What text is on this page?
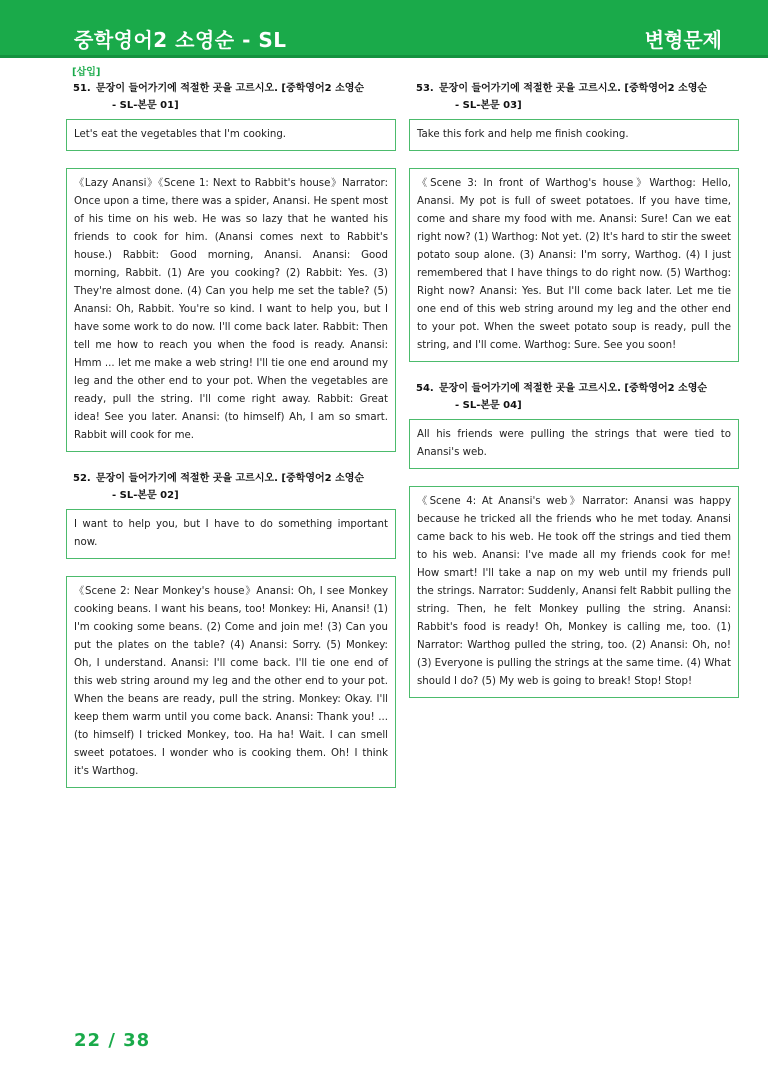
중학영어2 소영순 - SL	변형문제
[삽입]
51. 문장이 들어가기에 적절한 곳을 고르시오. [중학영어2 소영순
- SL-본문 01]
Let's eat the vegetables that I'm cooking.
《Lazy Anansi》《Scene 1: Next to Rabbit's house》Narrator: Once upon a time, there was a spider, Anansi. He spent most of his time on his web. He was so lazy that he wanted his friends to cook for him. (Anansi comes next to Rabbit's house.) Rabbit: Good morning, Anansi. Anansi: Good morning, Rabbit. (1) Are you cooking? (2) Rabbit: Yes. (3) They're almost done. (4) Can you help me set the table? (5) Anansi: Oh, Rabbit. You're so kind. I want to help you, but I have some work to do now. I'll come back later. Rabbit: Then tell me how to reach you when the food is ready. Anansi: Hmm ... let me make a web string! I'll tie one end around my leg and the other end to your pot. When the vegetables are ready, pull the string. I'll come right away. Rabbit: Great idea! See you later. Anansi: (to himself) Ah, I am so smart. Rabbit will cook for me.
52. 문장이 들어가기에 적절한 곳을 고르시오. [중학영어2 소영순
- SL-본문 02]
I want to help you, but I have to do something important now.
《Scene 2: Near Monkey's house》Anansi: Oh, I see Monkey cooking beans. I want his beans, too! Monkey: Hi, Anansi! (1) I'm cooking some beans. (2) Come and join me! (3) Can you put the plates on the table? (4) Anansi: Sorry. (5) Monkey: Oh, I understand. Anansi: I'll come back. I'll tie one end of this web string around my leg and the other end to your pot. When the beans are ready, pull the string. Monkey: Okay. I'll keep them warm until you come back. Anansi: Thank you! ... (to himself) I tricked Monkey, too. Ha ha! Wait. I can smell sweet potatoes. I wonder who is cooking them. Oh! I think it's Warthog.
53. 문장이 들어가기에 적절한 곳을 고르시오. [중학영어2 소영순
- SL-본문 03]
Take this fork and help me finish cooking.
《Scene 3: In front of Warthog's house》Warthog: Hello, Anansi. My pot is full of sweet potatoes. If you have time, come and share my food with me. Anansi: Sure! Can we eat right now? (1) Warthog: Not yet. (2) It's hard to stir the sweet potato soup alone. (3) Anansi: I'm sorry, Warthog. (4) I just remembered that I have things to do right now. (5) Warthog: Right now? Anansi: Yes. But I'll come back later. Let me tie one end of this web string around my leg and the other end to your pot. When the sweet potato soup is ready, pull the string, and I'll come. Warthog: Sure. See you soon!
54. 문장이 들어가기에 적절한 곳을 고르시오. [중학영어2 소영순
- SL-본문 04]
All his friends were pulling the strings that were tied to Anansi's web.
《Scene 4: At Anansi's web》Narrator: Anansi was happy because he tricked all the friends who he met today. Anansi came back to his web. He took off the strings and tied them to his web. Anansi: I've made all my friends cook for me! How smart! I'll take a nap on my web until my friends pull the strings. Narrator: Suddenly, Anansi felt Rabbit pulling the string. Then, he felt Monkey pulling the string. Anansi: Rabbit's food is ready! Oh, Monkey is calling me, too. (1) Narrator: Warthog pulled the string, too. (2) Anansi: Oh, no! (3) Everyone is pulling the strings at the same time. (4) What should I do? (5) My web is going to break! Stop! Stop!
22 / 38
